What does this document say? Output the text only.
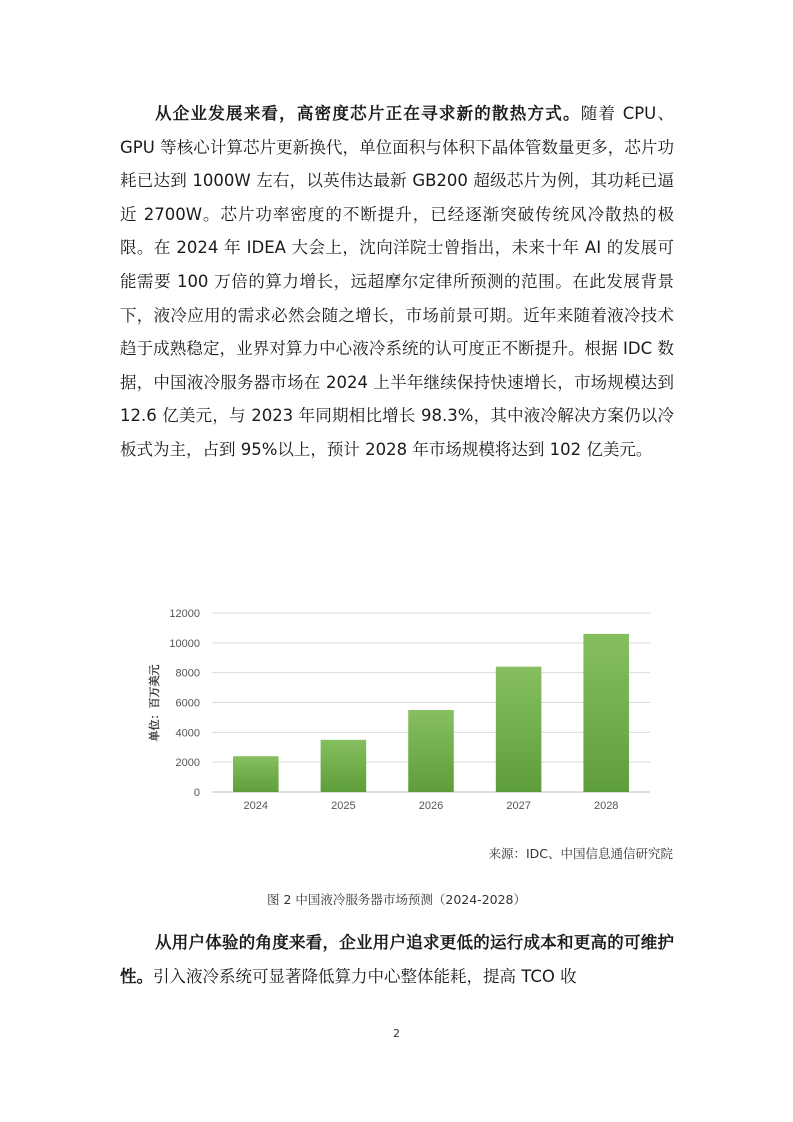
从企业发展来看，高密度芯片正在寻求新的散热方式。随着 CPU、GPU 等核心计算芯片更新换代，单位面积与体积下晶体管数量更多，芯片功耗已达到 1000W 左右，以英伟达最新 GB200 超级芯片为例，其功耗已逼近 2700W。芯片功率密度的不断提升，已经逐渐突破传统风冷散热的极限。在 2024 年 IDEA 大会上，沈向洋院士曾指出，未来十年 AI 的发展可能需要 100 万倍的算力增长，远超摩尔定律所预测的范围。在此发展背景下，液冷应用的需求必然会随之增长，市场前景可期。近年来随着液冷技术趋于成熟稳定，业界对算力中心液冷系统的认可度正不断提升。根据 IDC 数据，中国液冷服务器市场在 2024 上半年继续保持快速增长，市场规模达到 12.6 亿美元，与 2023 年同期相比增长 98.3%，其中液冷解决方案仍以冷板式为主，占到 95%以上，预计 2028 年市场规模将达到 102 亿美元。
0
2000
4000
6000
8000
10000
12000
2024	2025	2026	2027	2028
单位：百万美元
来源：IDC、中国信息通信研究院
图 2 中国液冷服务器市场预测（2024-2028）
从用户体验的角度来看，企业用户追求更低的运行成本和更高的可维护性。引入液冷系统可显著降低算力中心整体能耗，提高 TCO 收
2
